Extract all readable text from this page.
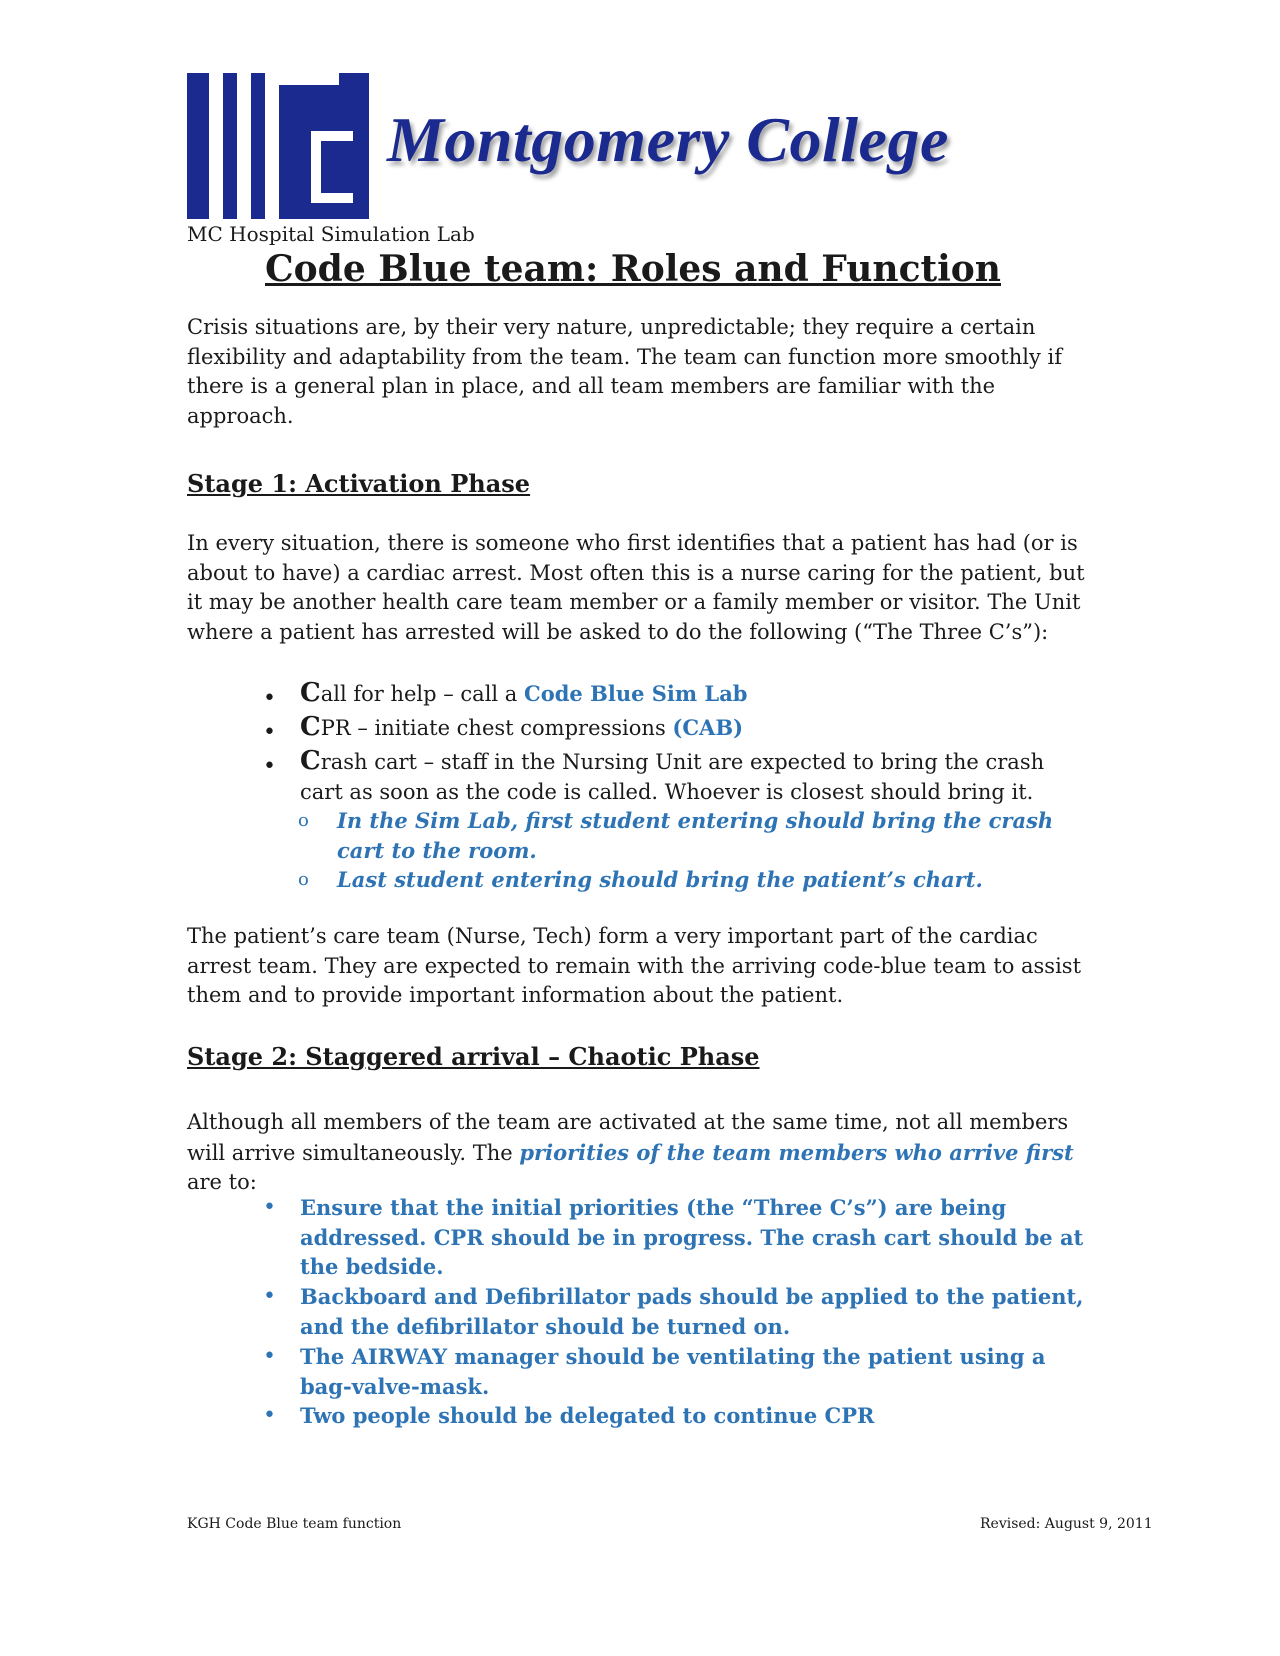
Montgomery College
MC Hospital Simulation Lab
Code Blue team: Roles and Function
Crisis situations are, by their very nature, unpredictable; they require a certain flexibility and adaptability from the team. The team can function more smoothly if there is a general plan in place, and all team members are familiar with the approach.
Stage 1: Activation Phase
In every situation, there is someone who first identifies that a patient has had (or is about to have) a cardiac arrest. Most often this is a nurse caring for the patient, but it may be another health care team member or a family member or visitor. The Unit where a patient has arrested will be asked to do the following (“The Three C’s”):
• Call for help – call a Code Blue Sim Lab
• CPR – initiate chest compressions (CAB)
• Crash cart – staff in the Nursing Unit are expected to bring the crash cart as soon as the code is called. Whoever is closest should bring it.
o In the Sim Lab, first student entering should bring the crash cart to the room.
o Last student entering should bring the patient’s chart.
The patient’s care team (Nurse, Tech) form a very important part of the cardiac arrest team. They are expected to remain with the arriving code-blue team to assist them and to provide important information about the patient.
Stage 2: Staggered arrival – Chaotic Phase
Although all members of the team are activated at the same time, not all members will arrive simultaneously. The priorities of the team members who arrive first are to:
• Ensure that the initial priorities (the “Three C’s”) are being addressed. CPR should be in progress. The crash cart should be at the bedside.
• Backboard and Defibrillator pads should be applied to the patient, and the defibrillator should be turned on.
• The AIRWAY manager should be ventilating the patient using a bag-valve-mask.
• Two people should be delegated to continue CPR
KGH Code Blue team function	Revised: August 9, 2011
